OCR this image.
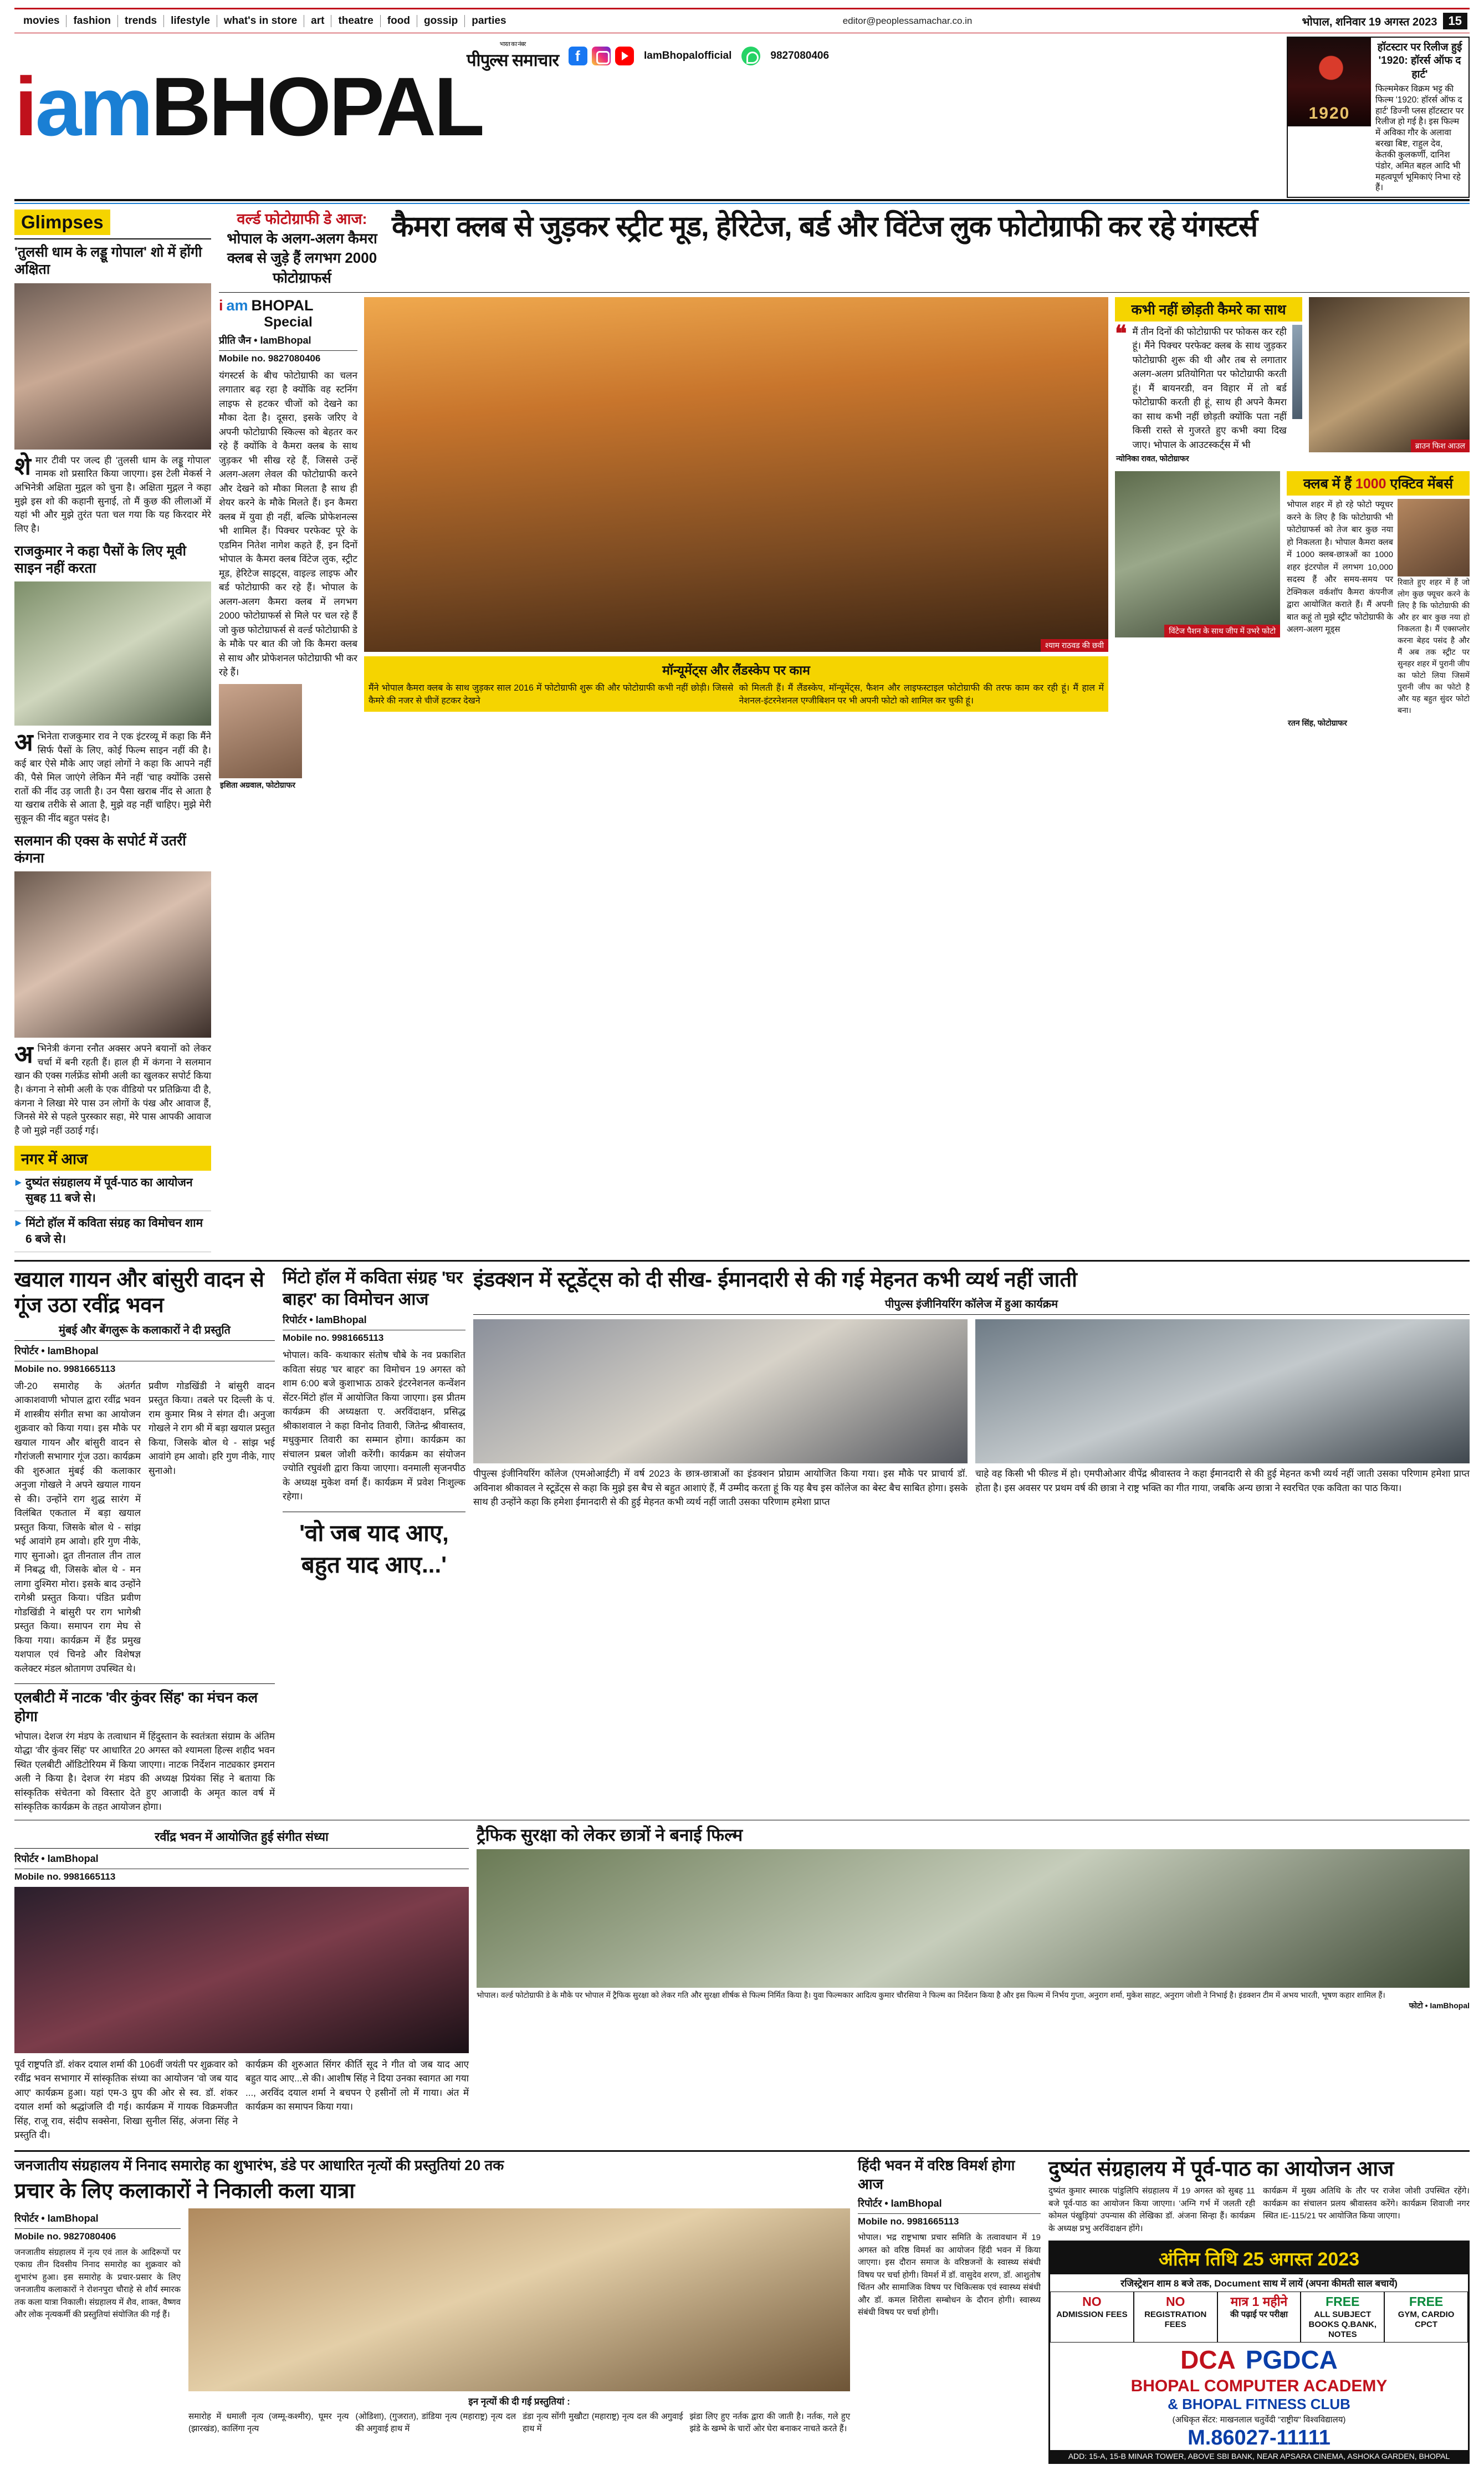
movies	fashion	trends	lifestyle	what's in store	art	theatre	food	gossip	parties	editor@peoplessamachar.co.in	भोपाल, शनिवार 19 अगस्त 2023 15
भारत का नंबर
पीपुल्स समाचार f	IamBhopalofficial	9827080406
iamBHOPAL
1920
हॉटस्टार पर रिलीज हुई '1920: हॉरर्स ऑफ द हार्ट'
फिल्ममेकर विक्रम भट्ट की फिल्म '1920: हॉरर्स ऑफ द हार्ट' डिज्नी प्लस हॉटस्टार पर रिलीज हो गई है। इस फिल्म में अविका गौर के अलावा बरखा बिष्ट, राहुल देव, केतकी कुलकर्णी, दानिश पंडोर, अमित बहल आदि भी महत्वपूर्ण भूमिकाएं निभा रहे हैं।
Glimpses
'तुलसी धाम के लड्डू गोपाल' शो में होंगी अक्षिता
शे मार टीवी पर जल्द ही 'तुलसी धाम के लड्डू गोपाल' नामक शो प्रसारित किया जाएगा। इस टेली मेकर्स ने अभिनेत्री अक्षिता मुद्गल को चुना है। अक्षिता मुद्गल ने कहा मुझे इस शो की कहानी सुनाई, तो मैं कुछ की लीलाओं में यहां भी और मुझे तुरंत पता चल गया कि यह किरदार मेरे लिए है।
राजकुमार ने कहा पैसों के लिए मूवी साइन नहीं करता
अ भिनेता राजकुमार राव ने एक इंटरव्यू में कहा कि मैंने सिर्फ पैसों के लिए, कोई फिल्म साइन नहीं की है। कई बार ऐसे मौके आए जहां लोगों ने कहा कि आपने नहीं की, पैसे मिल जाएंगे लेकिन मैंने नहीं 'चाह क्योंकि उससे रातों की नींद उड़ जाती है। उन पैसा खराब नींद से आता है या खराब तरीके से आता है, मुझे वह नहीं चाहिए। मुझे मेरी सुकून की नींद बहुत पसंद है।
सलमान की एक्स के सपोर्ट में उतरीं कंगना
अ भिनेत्री कंगना रनौत अक्सर अपने बयानों को लेकर चर्चा में बनी रहती हैं। हाल ही में कंगना ने सलमान खान की एक्स गर्लफ्रेंड सोमी अली का खुलकर सपोर्ट किया है। कंगना ने सोमी अली के एक वीडियो पर प्रतिक्रिया दी है, कंगना ने लिखा मेरे पास उन लोगों के पंख और आवाज हैं, जिनसे मेरे से पहले पुरस्कार सहा, मेरे पास आपकी आवाज है जो मुझे नहीं उठाई गई।
नगर में आज
▸ दुष्यंत संग्रहालय में पूर्व-पाठ का आयोजन सुबह 11 बजे से।
▸ मिंटो हॉल में कविता संग्रह का विमोचन शाम 6 बजे से।
वर्ल्ड फोटोग्राफी डे आज:
भोपाल के अलग-अलग कैमरा क्लब से जुड़े हैं लगभग 2000 फोटोग्राफर्स
कैमरा क्लब से जुड़कर स्ट्रीट मूड, हेरिटेज, बर्ड और विंटेज लुक फोटोग्राफी कर रहे यंगस्टर्स
i am BHOPAL
Special
प्रीति जैन • IamBhopal
Mobile no. 9827080406
यंगस्टर्स के बीच फोटोग्राफी का चलन लगातार बढ़ रहा है क्योंकि वह स्टनिंग लाइफ से हटकर चीजों को देखने का मौका देता है। दूसरा, इसके जरिए वे अपनी फोटोग्राफी स्किल्स को बेहतर कर रहे हैं क्योंकि वे कैमरा क्लब के साथ जुड़कर भी सीख रहे हैं, जिससे उन्हें अलग-अलग लेवल की फोटोग्राफी करने और देखने को मौका मिलता है साथ ही शेयर करने के मौके मिलते हैं। इन कैमरा क्लब में युवा ही नहीं, बल्कि प्रोफेशनल्स भी शामिल हैं। पिक्चर परफेक्ट पूरे के एडमिन नितेश नागेश कहते हैं, इन दिनों भोपाल के कैमरा क्लब विंटेज लुक, स्ट्रीट मूड, हेरिटेज साइट्स, वाइल्ड लाइफ और बर्ड फोटोग्राफी कर रहे हैं। भोपाल के अलग-अलग कैमरा क्लब में लगभग 2000 फोटोग्राफर्स से मिले पर चल रहे हैं जो कुछ फोटोग्राफर्स से वर्ल्ड फोटोग्राफी डे के मौके पर बात की जो कि कैमरा क्लब से साथ और प्रोफेशनल फोटोग्राफी भी कर रहे हैं।
इशिता अग्रवाल, फोटोग्राफर
श्याम राठवड की छवी
मॉन्यूमेंट्स और लैंडस्केप पर काम
मैंने भोपाल कैमरा क्लब के साथ जुड़कर साल 2016 में फोटोग्राफी शुरू की और फोटोग्राफी कभी नहीं छोड़ी। जिससे कैमरे की नजर से चीजें हटकर देखने
को मिलती हैं। मैं लैंडस्केप, मॉन्यूमेंट्स, फैशन और लाइफस्टाइल फोटोग्राफी की तरफ काम कर रही हूं। मैं हाल में नेशनल-इंटरनेशनल एग्जीबिशन पर भी अपनी फोटो को शामिल कर चुकी हूं।
कभी नहीं छोड़ती कैमरे का साथ
❝ मैं तीन दिनों की फोटोग्राफी पर फोकस कर रही हूं। मैंने पिक्चर परफेक्ट क्लब के साथ जुड़कर फोटोग्राफी शुरू की थी और तब से लगातार अलग-अलग प्रतियोगिता पर फोटोग्राफी करती हूं। मैं बायनरडी, वन विहार में तो बर्ड फोटोग्राफी करती ही हूं, साथ ही अपने कैमरा का साथ कभी नहीं छोड़ती क्योंकि पता नहीं किसी रास्ते से गुजरते हुए कभी क्या दिख जाए। भोपाल के आउटस्कर्ट्स में भी
न्योनिका रावत, फोटोग्राफर
ब्राउन फिश आउल
विंटेज पैशन के साथ जीप में उभरे फोटो
क्लब में हैं 1000 एक्टिव मेंबर्स
भोपाल शहर में हो रहे फोटो फ्यूचर करने के लिए है कि फोटोग्राफी भी फोटोग्राफर्स को तेज बार कुछ नया हो निकलता है। भोपाल कैमरा क्लब में 1000 क्लब-छात्रओं का 1000 शहर इंटरपोल में लगभग 10,000 सदस्य हैं और समय-समय पर टेक्निकल वर्कशॉप कैमरा कंपनीज द्वारा आयोजित कराते हैं। मैं अपनी बात कहूं तो मुझे स्ट्रीट फोटोग्राफी के अलग-अलग मूड्स
रिवाते हुए शहर में हैं जो लोग कुछ फ्यूचर करने के लिए है कि फोटोग्राफी की और हर बार कुछ नया हो निकलता है। मैं एक्सप्लोर करना बेहद पसंद है और मैं अब तक स्ट्रीट पर सुनहर शहर में पुरानी जीप का फोटो लिया जिसमें पुरानी जीप का फोटो है और यह बहुत सुंदर फोटो बना।
रतन सिंह, फोटोग्राफर
खयाल गायन और बांसुरी वादन से गूंज उठा रवींद्र भवन
मुंबई और बेंगलुरू के कलाकारों ने दी प्रस्तुति
रिपोर्टर • IamBhopal
Mobile no. 9981665113
जी-20 समारोह के अंतर्गत आकाशवाणी भोपाल द्वारा रवींद्र भवन में शास्त्रीय संगीत सभा का आयोजन शुक्रवार को किया गया। इस मौके पर खयाल गायन और बांसुरी वादन से गौरांजली सभागार गूंज उठा। कार्यक्रम की शुरुआत मुंबई की कलाकार अनुजा गोखले ने अपने खयाल गायन से की। उन्होंने राग शुद्ध सारंग में विलंबित एकताल में बड़ा खयाल प्रस्तुत किया, जिसके बोल थे - सांझ भई आवांगे हम आवो। हरि गुण नीके, गाए सुनाओ। द्रुत तीनताल तीन ताल में निबद्ध थी, जिसके बोल थे - मन लागा दुश्मिरा मोरा। इसके बाद उन्होंने रागेश्री प्रस्तुत किया। पंडित प्रवीण गोडखिंडी ने बांसुरी पर राग भागेश्री प्रस्तुत किया। समापन राग मेघ से किया गया। कार्यक्रम में हैंड प्रमुख यशपाल एवं चिनडे और विशेषज्ञ कलेक्टर मंडल श्रोतागण उपस्थित थे।
प्रवीण गोडखिंडी ने बांसुरी वादन प्रस्तुत किया। तबले पर दिल्ली के पं. राम कुमार मिश्र ने संगत दी। अनुजा गोखले ने राग श्री में बड़ा खयाल प्रस्तुत किया, जिसके बोल थे - सांझ भई आवांगे हम आवो। हरि गुण नीके, गाए सुनाओ।
एलबीटी में नाटक 'वीर कुंवर सिंह' का मंचन कल होगा
भोपाल। देशज रंग मंडप के तत्वाधान में हिंदुस्तान के स्वतंत्रता संग्राम के अंतिम योद्धा 'वीर कुंवर सिंह' पर आधारित 20 अगस्त को श्यामला हिल्स शहीद भवन स्थित एलबीटी ऑडिटोरियम में किया जाएगा। नाटक निर्देशन नाट्यकार इमरान अली ने किया है। देशज रंग मंडप की अध्यक्ष प्रियंका सिंह ने बताया कि सांस्कृतिक संचेतना को विस्तार देते हुए आजादी के अमृत काल वर्ष में सांस्कृतिक कार्यक्रम के तहत आयोजन होगा।
मिंटो हॉल में कविता संग्रह 'घर बाहर' का विमोचन आज
रिपोर्टर • IamBhopal
Mobile no. 9981665113
भोपाल। कवि- कथाकार संतोष चौबे के नव प्रकाशित कविता संग्रह 'घर बाहर' का विमोचन 19 अगस्त को शाम 6:00 बजे कुशाभाऊ ठाकरे इंटरनेशनल कन्वेंशन सेंटर-मिंटो हॉल में आयोजित किया जाएगा। इस प्रीतम कार्यक्रम की अध्यक्षता ए. अरविंदाक्षन, प्रसिद्ध श्रीकाशवाल ने कहा विनोद तिवारी, जितेन्द्र श्रीवास्तव, मधुकुमार तिवारी का सम्मान होगा। कार्यक्रम का संचालन प्रबल जोशी करेंगी। कार्यक्रम का संयोजन ज्योति रघुवंशी द्वारा किया जाएगा। वनमाली सृजनपीठ के अध्यक्ष मुकेश वर्मा हैं। कार्यक्रम में प्रवेश निःशुल्क रहेगा।
'वो जब याद आए, बहुत याद आए...'
इंडक्शन में स्टूडेंट्स को दी सीख- ईमानदारी से की गई मेहनत कभी व्यर्थ नहीं जाती
पीपुल्स इंजीनियरिंग कॉलेज में हुआ कार्यक्रम
पीपुल्स इंजीनियरिंग कॉलेज (एमओआईटी) में वर्ष 2023 के छात्र-छात्राओं का इंडक्शन प्रोग्राम आयोजित किया गया। इस मौके पर प्राचार्य डॉ. अविनाश श्रीकावल ने स्टूडेंट्स से कहा कि मुझे इस बैच से बहुत आशाएं हैं, मैं उम्मीद करता हूं कि यह बैच इस कॉलेज का बेस्ट बैच साबित होगा। इसके साथ ही उन्होंने कहा कि हमेशा ईमानदारी से की हुई मेहनत कभी व्यर्थ नहीं जाती उसका परिणाम हमेशा प्राप्त
चाहे वह किसी भी फील्ड में हो। एमपीओआर वीपेंद्र श्रीवास्तव ने कहा ईमानदारी से की हुई मेहनत कभी व्यर्थ नहीं जाती उसका परिणाम हमेशा प्राप्त होता है। इस अवसर पर प्रथम वर्ष की छात्रा ने राष्ट्र भक्ति का गीत गाया, जबकि अन्य छात्रा ने स्वरचित एक कविता का पाठ किया।
रवींद्र भवन में आयोजित हुई संगीत संध्या
रिपोर्टर • IamBhopal
Mobile no. 9981665113
पूर्व राष्ट्रपति डॉ. शंकर दयाल शर्मा की 106वीं जयंती पर शुक्रवार को रवींद्र भवन सभागार में सांस्कृतिक संध्या का आयोजन 'वो जब याद आए' कार्यक्रम हुआ। यहां एम-3 ग्रुप की ओर से स्व. डॉ. शंकर दयाल शर्मा को श्रद्धांजलि दी गई। कार्यक्रम में गायक विक्रमजीत सिंह, राजू राव, संदीप सक्सेना, शिखा सुनील सिंह, अंजना सिंह ने प्रस्तुति दी।
कार्यक्रम की शुरुआत सिंगर कीर्ति सूद ने गीत वो जब याद आए बहुत याद आए...से की। आशीष सिंह ने दिया उनका स्वागत आ गया ..., अरविंद दयाल शर्मा ने बचपन ऐ हसीनों लो में गाया। अंत में कार्यक्रम का समापन किया गया।
ट्रैफिक सुरक्षा को लेकर छात्रों ने बनाई फिल्म
भोपाल। वर्ल्ड फोटोग्राफी डे के मौके पर भोपाल में ट्रैफिक सुरक्षा को लेकर गति और सुरक्षा शीर्षक से फिल्म निर्मित किया है। युवा फिल्मकार आदित्य कुमार चौरसिया ने फिल्म का निर्देशन किया है और इस फिल्म में निर्भय गुप्ता, अनुराग शर्मा, मुकेश साहट, अनुराग जोशी ने निभाई है। इंडक्शन टीम में अभय भारती, भूषण कहार शामिल हैं।
फोटो • IamBhopal
जनजातीय संग्रहालय में निनाद समारोह का शुभारंभ, डंडे पर आधारित नृत्यों की प्रस्तुतियां 20 तक
प्रचार के लिए कलाकारों ने निकाली कला यात्रा
रिपोर्टर • IamBhopal
Mobile no. 9827080406
जनजातीय संग्रहालय में नृत्य एवं ताल के आदिरूपों पर एकाग्र तीन दिवसीय निनाद समारोह का शुक्रवार को शुभारंभ हुआ। इस समारोह के प्रचार-प्रसार के लिए जनजातीय कलाकारों ने रोशनपुरा चौराहे से शौर्य स्मारक तक कला यात्रा निकाली। संग्रहालय में शैव, शाक्त, वैष्णव और लोक नृत्यकर्मी की प्रस्तुतियां संयोजित की गई हैं।
इन नृत्यों की दी गई प्रस्तुतियां :
समारोह में धमाली नृत्य (जम्मू-कश्मीर), घूमर नृत्य (झारखंड), कालिंगा नृत्य
(ओडिशा), (गुजरात), डांडिया नृत्य (महाराष्ट्र) नृत्य दल की अगुवाई हाथ में
डंडा नृत्य सोंगी मुखौटा (महाराष्ट्र) नृत्य दल की अगुवाई हाथ में
झंडा लिए हुए नर्तक द्वारा की जाती है। नर्तक, गले हुए झंडे के खम्भे के चारों ओर घेरा बनाकर नाचते करते हैं।
हिंदी भवन में वरिष्ठ विमर्श होगा आज
रिपोर्टर • IamBhopal
Mobile no. 9981665113
भोपाल। भद्र राष्ट्रभाषा प्रचार समिति के तत्वावधान में 19 अगस्त को वरिष्ठ विमर्श का आयोजन हिंदी भवन में किया जाएगा। इस दौरान समाज के वरिष्ठजनों के स्वास्थ्य संबंधी विषय पर चर्चा होगी। विमर्श में डॉ. वासुदेव शरण, डॉ. आशुतोष चिंतन और सामाजिक विषय पर चिकित्सक एवं स्वास्थ्य संबंधी और डॉ. कमल शिरीला सम्बोधन के दौरान होगी। स्वास्थ्य संबंधी विषय पर चर्चा होगी।
दुष्यंत संग्रहालय में पूर्व-पाठ का आयोजन आज
दुष्यंत कुमार स्मारक पांडुलिपि संग्रहालय में 19 अगस्त को सुबह 11 बजे पूर्व-पाठ का आयोजन किया जाएगा। 'अग्नि गर्भ में जलती रही कोमल पंखुड़ियां' उपन्यास की लेखिका डॉ. अंजना सिन्हा हैं। कार्यक्रम के अध्यक्ष प्रभु अरविंदाक्षन होंगे।
कार्यक्रम में मुख्य अतिथि के तौर पर राजेश जोशी उपस्थित रहेंगे। कार्यक्रम का संचालन प्रलय श्रीवास्तव करेंगे। कार्यक्रम शिवाजी नगर स्थित IE-115/21 पर आयोजित किया जाएगा।
अंतिम तिथि 25 अगस्त 2023
रजिस्ट्रेशन शाम 8 बजे तक, Document साथ में लायें (अपना कीमती साल बचायें)
NO
ADMISSION FEES
NO
REGISTRATION FEES
मात्र 1 महीने
की पढ़ाई पर परीक्षा
FREE
ALL SUBJECT BOOKS Q.BANK, NOTES
FREE
GYM, CARDIO CPCT
DCA PGDCA
BHOPAL COMPUTER ACADEMY
& BHOPAL FITNESS CLUB
(अधिकृत सेंटर: माखनलाल चतुर्वेदी "राष्ट्रीय" विश्वविद्यालय)
M.86027-11111
ADD: 15-A, 15-B MINAR TOWER, ABOVE SBI BANK, NEAR APSARA CINEMA, ASHOKA GARDEN, BHOPAL
